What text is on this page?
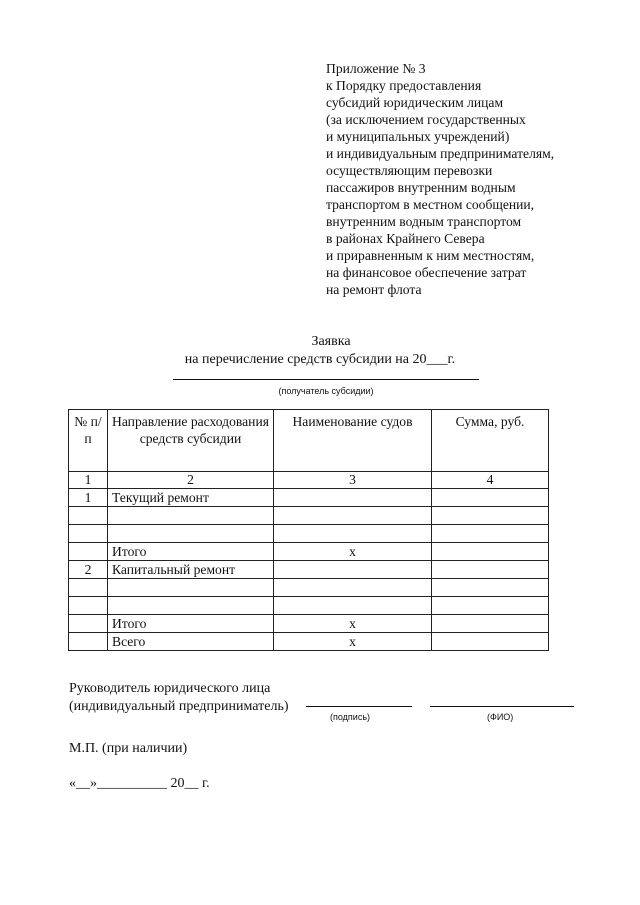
Приложение № 3
к Порядку предоставления
субсидий юридическим лицам
(за исключением государственных
и муниципальных учреждений)
и индивидуальным предпринимателям,
осуществляющим перевозки
пассажиров внутренним водным
транспортом в местном сообщении,
внутренним водным транспортом
в районах Крайнего Севера
и приравненным к ним местностям,
на финансовое обеспечение затрат
на ремонт флота
Заявка
на перечисление средств субсидии на 20___г.
(получатель субсидии)
№ п/п	Направление расходования средств субсидии	Наименование судов	Сумма, руб.
1	2	3	4
1	Текущий ремонт		

	Итого	х	
2	Капитальный ремонт		

	Итого	х	
	Всего	х	
Руководитель юридического лица
(индивидуальный предприниматель)
(подпись)	(ФИО)
М.П. (при наличии)
«__»__________ 20__ г.
